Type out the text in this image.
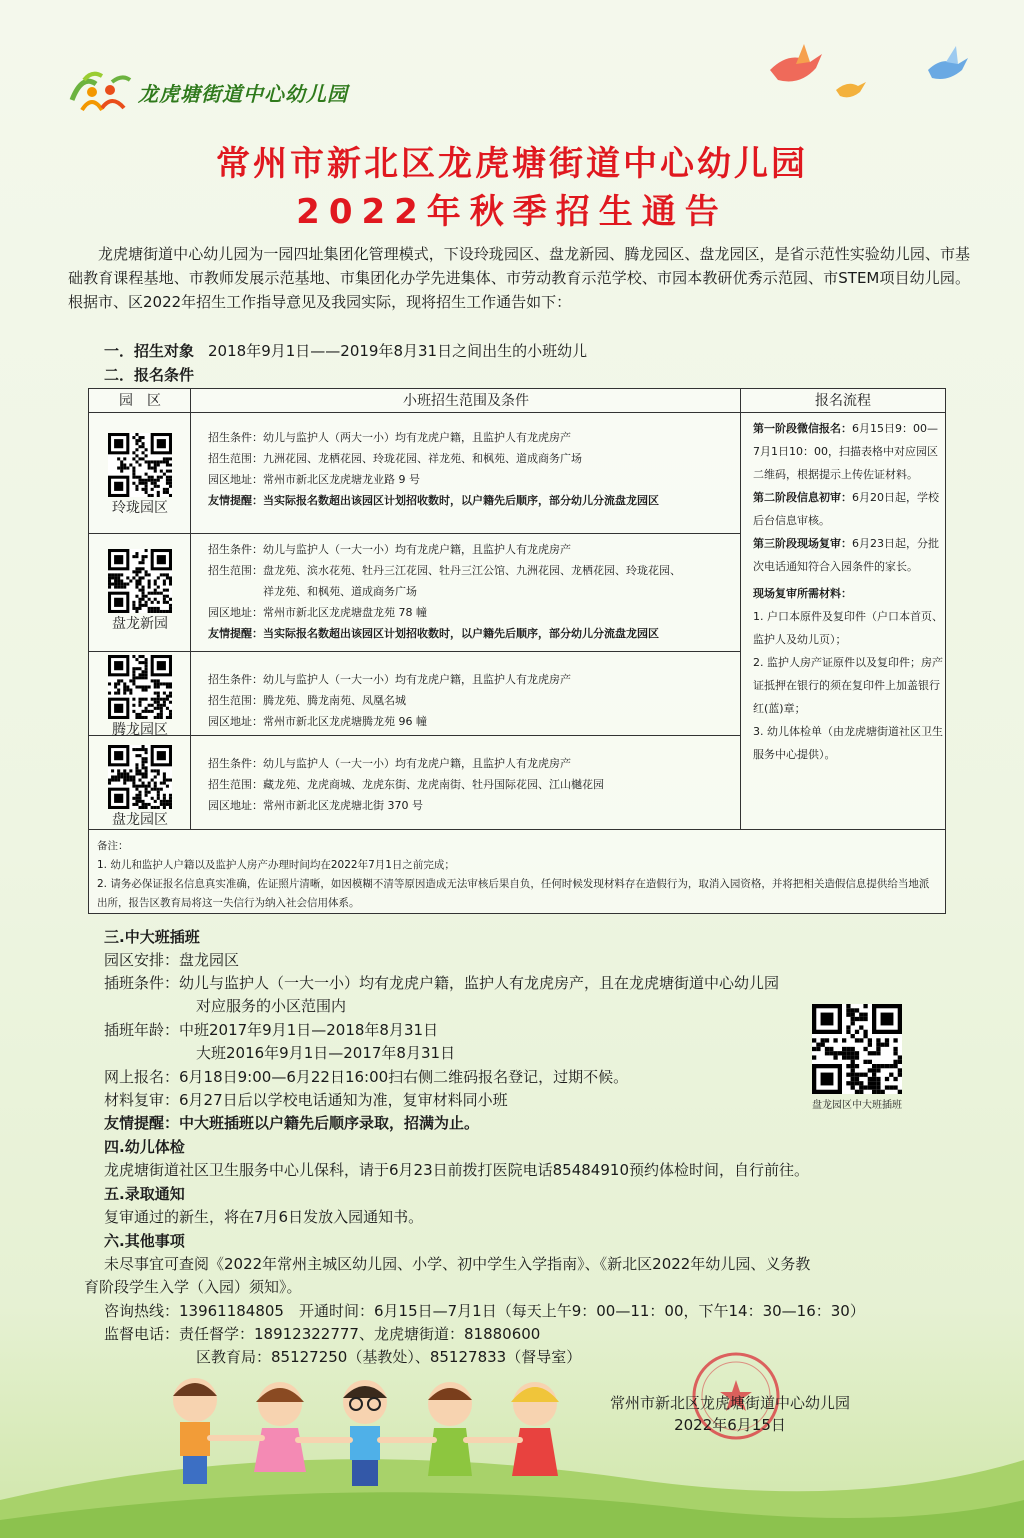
龙虎塘街道中心幼儿园
常州市新北区龙虎塘街道中心幼儿园
2022年秋季招生通告
龙虎塘街道中心幼儿园为一园四址集团化管理模式，下设玲珑园区、盘龙新园、腾龙园区、盘龙园区，是省示范性实验幼儿园、市基础教育课程基地、市教师发展示范基地、市集团化办学先进集体、市劳动教育示范学校、市园本教研优秀示范园、市STEM项目幼儿园。根据市、区2022年招生工作指导意见及我园实际，现将招生工作通告如下：
一．招生对象 2018年9月1日——2019年8月31日之间出生的小班幼儿
二．报名条件
园　区	小班招生范围及条件	报名流程
玲珑园区
招生条件：幼儿与监护人（两大一小）均有龙虎户籍，且监护人有龙虎房产
招生范围：九洲花园、龙栖花园、玲珑花园、祥龙苑、和枫苑、道成商务广场
园区地址：常州市新北区龙虎塘龙业路 9 号
友情提醒：当实际报名数超出该园区计划招收数时，以户籍先后顺序，部分幼儿分流盘龙园区
盘龙新园
招生条件：幼儿与监护人（一大一小）均有龙虎户籍，且监护人有龙虎房产
招生范围：盘龙苑、滨水花苑、牡丹三江花园、牡丹三江公馆、九洲花园、龙栖花园、玲珑花园、
　　　　　祥龙苑、和枫苑、道成商务广场
园区地址：常州市新北区龙虎塘盘龙苑 78 幢
友情提醒：当实际报名数超出该园区计划招收数时，以户籍先后顺序，部分幼儿分流盘龙园区
腾龙园区
招生条件：幼儿与监护人（一大一小）均有龙虎户籍，且监护人有龙虎房产
招生范围：腾龙苑、腾龙南苑、凤凰名城
园区地址：常州市新北区龙虎塘腾龙苑 96 幢
盘龙园区
招生条件：幼儿与监护人（一大一小）均有龙虎户籍，且监护人有龙虎房产
招生范围：藏龙苑、龙虎商城、龙虎东街、龙虎南街、牡丹国际花园、江山樾花园
园区地址：常州市新北区龙虎塘北街 370 号
第一阶段微信报名：6月15日9：00—7月1日10：00，扫描表格中对应园区二维码，根据提示上传佐证材料。
第二阶段信息初审：6月20日起，学校后台信息审核。
第三阶段现场复审：6月23日起，分批次电话通知符合入园条件的家长。
现场复审所需材料：
1. 户口本原件及复印件（户口本首页、监护人及幼儿页）；
2. 监护人房产证原件以及复印件；房产证抵押在银行的须在复印件上加盖银行红(蓝)章；
3. 幼儿体检单（由龙虎塘街道社区卫生服务中心提供）。
备注：
1. 幼儿和监护人户籍以及监护人房产办理时间均在2022年7月1日之前完成；
2. 请务必保证报名信息真实准确，佐证照片清晰，如因模糊不清等原因造成无法审核后果自负，任何时候发现材料存在造假行为，取消入园资格，并将把相关造假信息提供给当地派出所，报告区教育局将这一失信行为纳入社会信用体系。
三.中大班插班
园区安排：盘龙园区
插班条件：幼儿与监护人（一大一小）均有龙虎户籍，监护人有龙虎房产，且在龙虎塘街道中心幼儿园
对应服务的小区范围内
插班年龄：中班2017年9月1日—2018年8月31日
大班2016年9月1日—2017年8月31日
网上报名：6月18日9:00—6月22日16:00扫右侧二维码报名登记，过期不候。
材料复审：6月27日后以学校电话通知为准，复审材料同小班
友情提醒：中大班插班以户籍先后顺序录取，招满为止。
盘龙园区中大班插班
四.幼儿体检
龙虎塘街道社区卫生服务中心儿保科，请于6月23日前拨打医院电话85484910预约体检时间，自行前往。
五.录取通知
复审通过的新生，将在7月6日发放入园通知书。
六.其他事项
未尽事宜可查阅《2022年常州主城区幼儿园、小学、初中学生入学指南》、《新北区2022年幼儿园、义务教
育阶段学生入学（入园）须知》。
咨询热线：13961184805　开通时间：6月15日—7月1日（每天上午9：00—11：00，下午14：30—16：30）
监督电话：责任督学：18912322777、龙虎塘街道：81880600
区教育局：85127250（基教处）、85127833（督导室）
常州市新北区龙虎塘街道中心幼儿园
2022年6月15日
